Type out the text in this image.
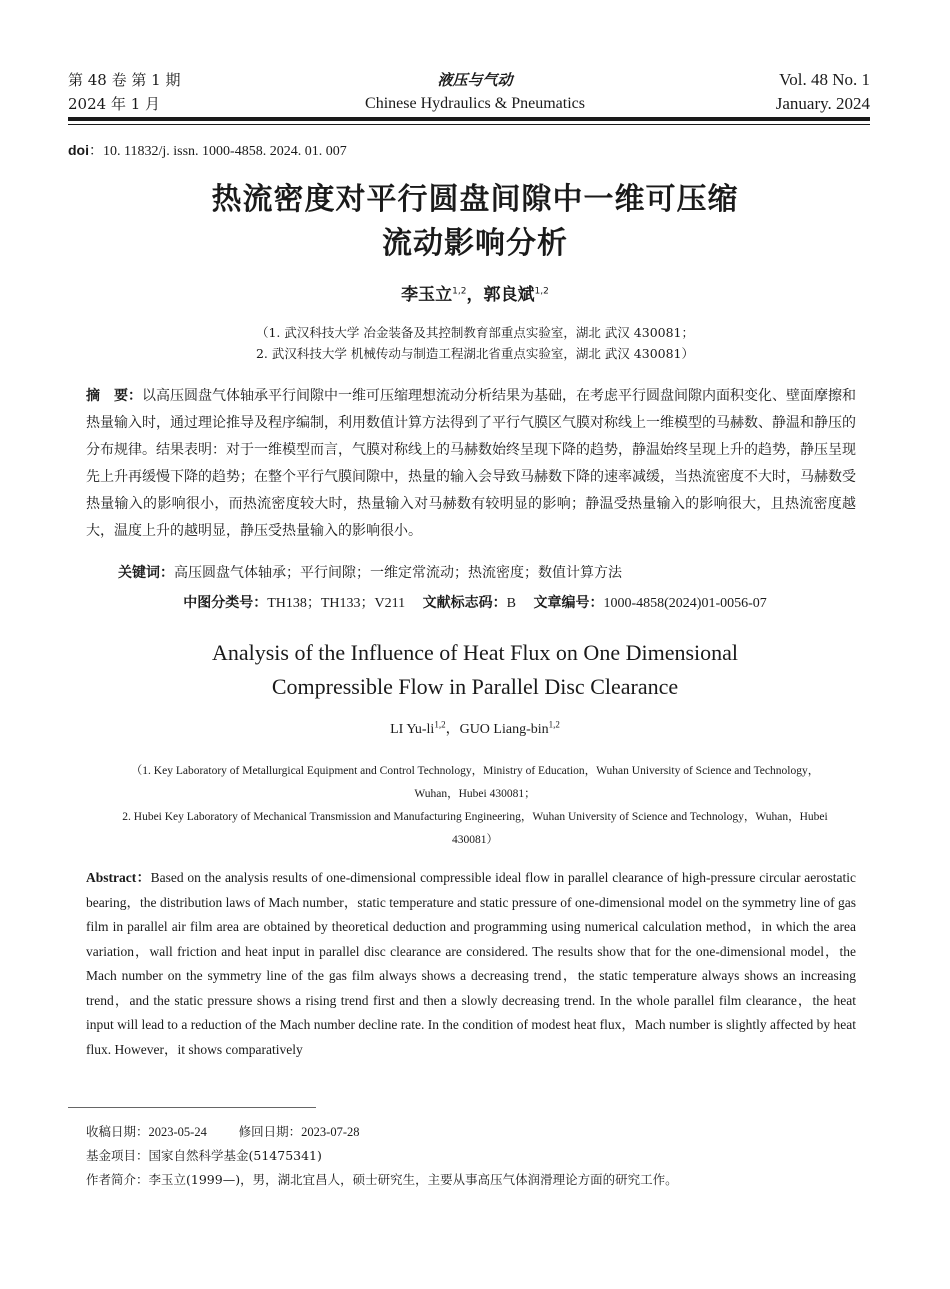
第 48 卷 第 1 期
2024 年 1 月
液压与气动
Chinese Hydraulics & Pneumatics
Vol. 48 No. 1
January. 2024
doi：10. 11832/j. issn. 1000-4858. 2024. 01. 007
热流密度对平行圆盘间隙中一维可压缩
流动影响分析
李玉立$^{1,2}$，郭良斌$^{1,2}$
（1. 武汉科技大学 冶金装备及其控制教育部重点实验室，湖北 武汉 430081；
2. 武汉科技大学 机械传动与制造工程湖北省重点实验室，湖北 武汉 430081）
摘　要：以高压圆盘气体轴承平行间隙中一维可压缩理想流动分析结果为基础，在考虑平行圆盘间隙内面积变化、壁面摩擦和热量输入时，通过理论推导及程序编制，利用数值计算方法得到了平行气膜区气膜对称线上一维模型的马赫数、静温和静压的分布规律。结果表明：对于一维模型而言，气膜对称线上的马赫数始终呈现下降的趋势，静温始终呈现上升的趋势，静压呈现先上升再缓慢下降的趋势；在整个平行气膜间隙中，热量的输入会导致马赫数下降的速率减缓，当热流密度不大时，马赫数受热量输入的影响很小，而热流密度较大时，热量输入对马赫数有较明显的影响；静温受热量输入的影响很大，且热流密度越大，温度上升的越明显，静压受热量输入的影响很小。
关键词：高压圆盘气体轴承；平行间隙；一维定常流动；热流密度；数值计算方法
中图分类号：TH138；TH133；V211 文献标志码：B 文章编号：1000-4858(2024)01-0056-07
Analysis of the Influence of Heat Flux on One Dimensional
Compressible Flow in Parallel Disc Clearance
LI Yu-li$^{1,2}$，GUO Liang-bin$^{1,2}$
（1. Key Laboratory of Metallurgical Equipment and Control Technology，Ministry of Education，Wuhan University of Science and Technology，Wuhan，Hubei 430081；
2. Hubei Key Laboratory of Mechanical Transmission and Manufacturing Engineering，Wuhan University of Science and Technology，Wuhan，Hubei 430081）
Abstract：Based on the analysis results of one-dimensional compressible ideal flow in parallel clearance of high-pressure circular aerostatic bearing，the distribution laws of Mach number，static temperature and static pressure of one-dimensional model on the symmetry line of gas film in parallel air film area are obtained by theoretical deduction and programming using numerical calculation method，in which the area variation，wall friction and heat input in parallel disc clearance are considered. The results show that for the one-dimensional model，the Mach number on the symmetry line of the gas film always shows a decreasing trend，the static temperature always shows an increasing trend，and the static pressure shows a rising trend first and then a slowly decreasing trend. In the whole parallel film clearance，the heat input will lead to a reduction of the Mach number decline rate. In the condition of modest heat flux，Mach number is slightly affected by heat flux. However，it shows comparatively
收稿日期：2023-05-24	修回日期：2023-07-28
基金项目：国家自然科学基金(51475341)
作者简介：李玉立(1999—)，男，湖北宜昌人，硕士研究生，主要从事高压气体润滑理论方面的研究工作。
